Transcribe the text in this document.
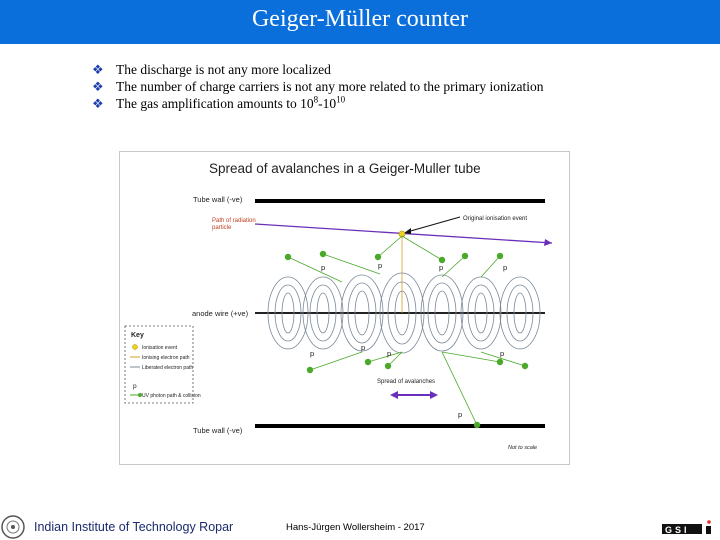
Geiger-Müller counter
❖ The discharge is not any more localized
❖ The number of charge carriers is not any more related to the primary ionization
❖ The gas amplification amounts to $10^8-10^{10}$
Spread of avalanches in a Geiger-Muller tube
Tube wall (-ve)
Tube wall (-ve)
anode wire (+ve)
Path of radiation
particle
Original ionisation event
p	p	p	p
p
p
p	p
p
Spread of avalanches
Not to scale
Key
Ionisation event
Ionising electron path
Liberated electron path
p
UV photon path & collision
Indian Institute of Technology Ropar	Hans-Jürgen Wollersheim - 2017	GSI
